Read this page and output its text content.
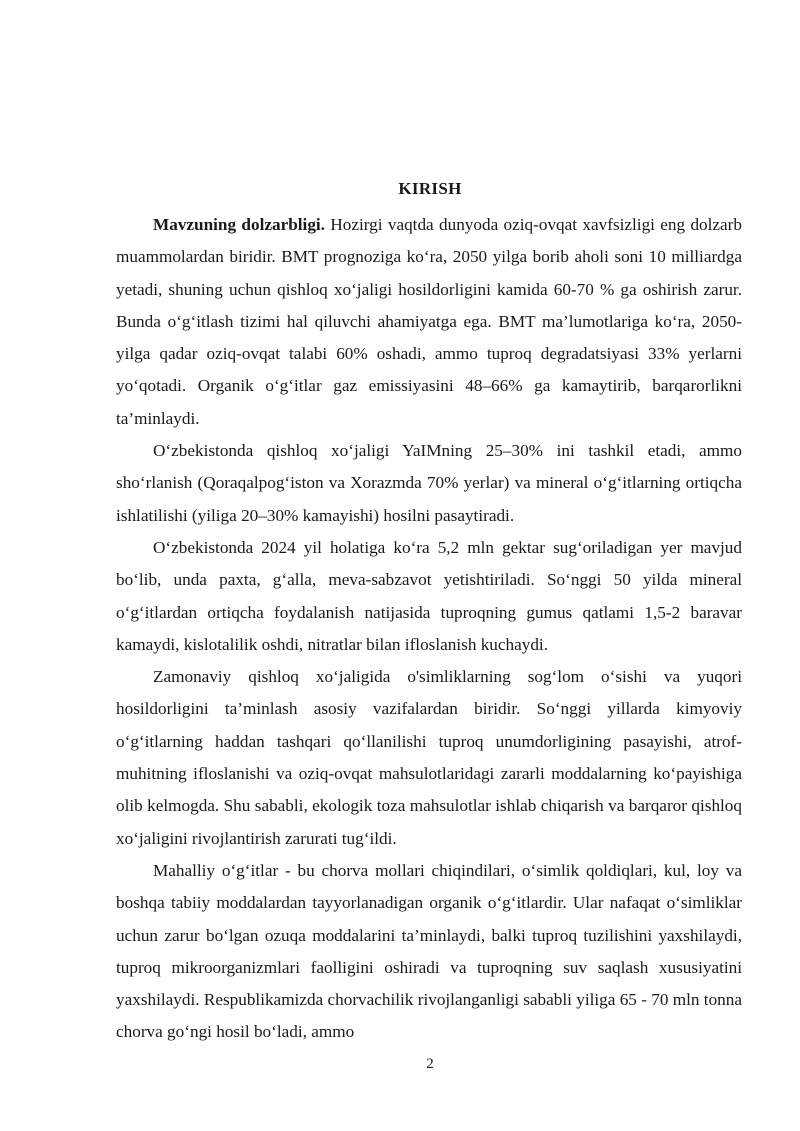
KIRISH

Mavzuning dolzarbligi. Hozirgi vaqtda dunyoda oziq-ovqat xavfsizligi eng dolzarb muammolardan biridir. BMT prognoziga ko‘ra, 2050 yilga borib aholi soni 10 milliardga yetadi, shuning uchun qishloq xo‘jaligi hosildorligini kamida 60-70 % ga oshirish zarur. Bunda o‘g‘itlash tizimi hal qiluvchi ahamiyatga ega. BMT ma’lumotlariga ko‘ra, 2050-yilga qadar oziq-ovqat talabi 60% oshadi, ammo tuproq degradatsiyasi 33% yerlarni yo‘qotadi. Organik o‘g‘itlar gaz emissiyasini 48–66% ga kamaytirib, barqarorlikni ta’minlaydi.

O‘zbekistonda qishloq xo‘jaligi YaIMning 25–30% ini tashkil etadi, ammo sho‘rlanish (Qoraqalpog‘iston va Xorazmda 70% yerlar) va mineral o‘g‘itlarning ortiqcha ishlatilishi (yiliga 20–30% kamayishi) hosilni pasaytiradi.

O‘zbekistonda 2024 yil holatiga ko‘ra 5,2 mln gektar sug‘oriladigan yer mavjud bo‘lib, unda paxta, g‘alla, meva-sabzavot yetishtiriladi. So‘nggi 50 yilda mineral o‘g‘itlardan ortiqcha foydalanish natijasida tuproqning gumus qatlami 1,5-2 baravar kamaydi, kislotalilik oshdi, nitratlar bilan ifloslanish kuchaydi.

Zamonaviy qishloq xo‘jaligida o'simliklarning sog‘lom o‘sishi va yuqori hosildorligini ta’minlash asosiy vazifalardan biridir. So‘nggi yillarda kimyoviy o‘g‘itlarning haddan tashqari qo‘llanilishi tuproq unumdorligining pasayishi, atrof-muhitning ifloslanishi va oziq-ovqat mahsulotlaridagi zararli moddalarning ko‘payishiga olib kelmogda. Shu sababli, ekologik toza mahsulotlar ishlab chiqarish va barqaror qishloq xo‘jaligini rivojlantirish zarurati tug‘ildi.

Mahalliy o‘g‘itlar - bu chorva mollari chiqindilari, o‘simlik qoldiqlari, kul, loy va boshqa tabiiy moddalardan tayyorlanadigan organik o‘g‘itlardir. Ular nafaqat o‘simliklar uchun zarur bo‘lgan ozuqa moddalarini ta’minlaydi, balki tuproq tuzilishini yaxshilaydi, tuproq mikroorganizmlari faolligini oshiradi va tuproqning suv saqlash xususiyatini yaxshilaydi. Respublikamizda chorvachilik rivojlanganligi sababli yiliga 65 - 70 mln tonna chorva go‘ngi hosil bo‘ladi, ammo

2
